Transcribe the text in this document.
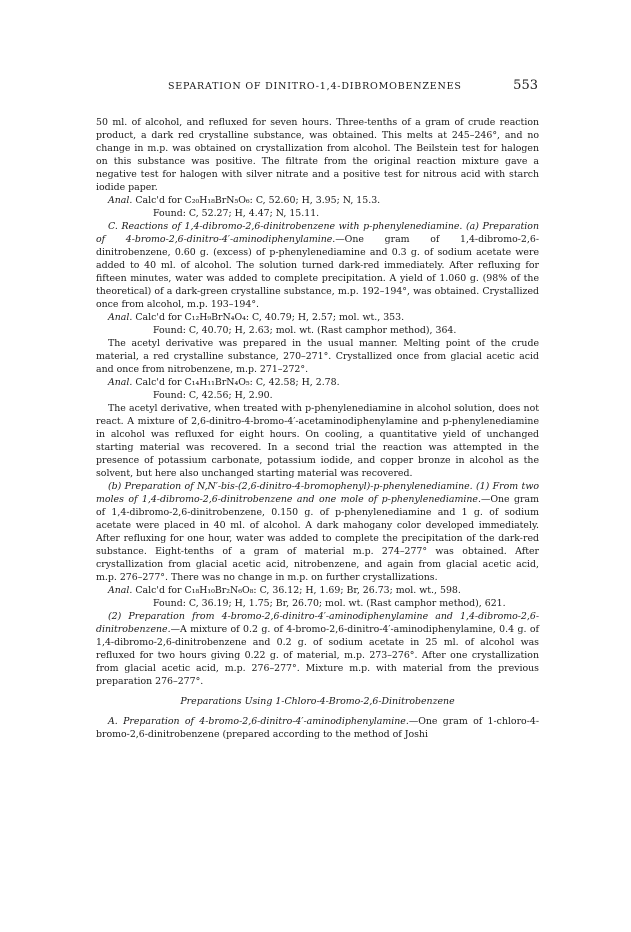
SEPARATION OF DINITRO-1,4-DIBROMOBENZENES	553

50 ml. of alcohol, and refluxed for seven hours. Three-tenths of a gram of crude reaction product, a dark red crystalline substance, was obtained. This melts at 245–246°, and no change in m.p. was obtained on crystallization from alcohol. The Beilstein test for halogen on this substance was positive. The filtrate from the original reaction mixture gave a negative test for halogen with silver nitrate and a positive test for nitrous acid with starch iodide paper.

Anal. Calc'd for C₂₀H₁₈BrN₅O₆: C, 52.60; H, 3.95; N, 15.3.

Found: C, 52.27; H, 4.47; N, 15.11.

C. Reactions of 1,4-dibromo-2,6-dinitrobenzene with p-phenylenediamine. (a) Preparation of 4-bromo-2,6-dinitro-4′-aminodiphenylamine.—One gram of 1,4-dibromo-2,6-dinitrobenzene, 0.60 g. (excess) of p-phenylenediamine and 0.3 g. of sodium acetate were added to 40 ml. of alcohol. The solution turned dark-red immediately. After refluxing for fifteen minutes, water was added to complete precipitation. A yield of 1.060 g. (98% of the theoretical) of a dark-green crystalline substance, m.p. 192–194°, was obtained. Crystallized once from alcohol, m.p. 193–194°.

Anal. Calc'd for C₁₂H₉BrN₄O₄: C, 40.79; H, 2.57; mol. wt., 353.

Found: C, 40.70; H, 2.63; mol. wt. (Rast camphor method), 364.

The acetyl derivative was prepared in the usual manner. Melting point of the crude material, a red crystalline substance, 270–271°. Crystallized once from glacial acetic acid and once from nitrobenzene, m.p. 271–272°.

Anal. Calc'd for C₁₄H₁₁BrN₄O₅: C, 42.58; H, 2.78.

Found: C, 42.56; H, 2.90.

The acetyl derivative, when treated with p-phenylenediamine in alcohol solution, does not react. A mixture of 2,6-dinitro-4-bromo-4′-acetaminodiphenylamine and p-phenylenediamine in alcohol was refluxed for eight hours. On cooling, a quantitative yield of unchanged starting material was recovered. In a second trial the reaction was attempted in the presence of potassium carbonate, potassium iodide, and copper bronze in alcohol as the solvent, but here also unchanged starting material was recovered.

(b) Preparation of N,N′-bis-(2,6-dinitro-4-bromophenyl)-p-phenylenediamine. (1) From two moles of 1,4-dibromo-2,6-dinitrobenzene and one mole of p-phenylenediamine.—One gram of 1,4-dibromo-2,6-dinitrobenzene, 0.150 g. of p-phenylenediamine and 1 g. of sodium acetate were placed in 40 ml. of alcohol. A dark mahogany color developed immediately. After refluxing for one hour, water was added to complete the precipitation of the dark-red substance. Eight-tenths of a gram of material m.p. 274–277° was obtained. After crystallization from glacial acetic acid, nitrobenzene, and again from glacial acetic acid, m.p. 276–277°. There was no change in m.p. on further crystallizations.

Anal. Calc'd for C₁₈H₁₀Br₂N₆O₈: C, 36.12; H, 1.69; Br, 26.73; mol. wt., 598.

Found: C, 36.19; H, 1.75; Br, 26.70; mol. wt. (Rast camphor method), 621.

(2) Preparation from 4-bromo-2,6-dinitro-4′-aminodiphenylamine and 1,4-dibromo-2,6-dinitrobenzene.—A mixture of 0.2 g. of 4-bromo-2,6-dinitro-4′-aminodiphenylamine, 0.4 g. of 1,4-dibromo-2,6-dinitrobenzene and 0.2 g. of sodium acetate in 25 ml. of alcohol was refluxed for two hours giving 0.22 g. of material, m.p. 273–276°. After one crystallization from glacial acetic acid, m.p. 276–277°. Mixture m.p. with material from the previous preparation 276–277°.

Preparations Using 1-Chloro-4-Bromo-2,6-Dinitrobenzene

A. Preparation of 4-bromo-2,6-dinitro-4′-aminodiphenylamine.—One gram of 1-chloro-4-bromo-2,6-dinitrobenzene (prepared according to the method of Joshi
